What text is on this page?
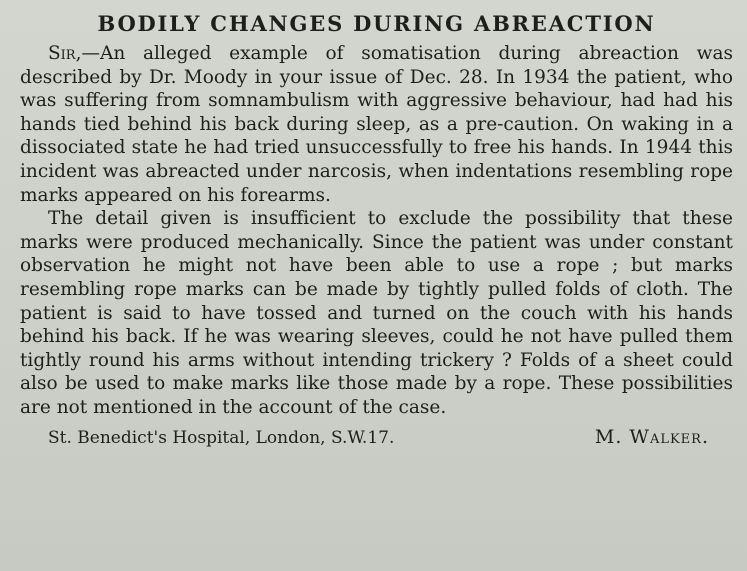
BODILY CHANGES DURING ABREACTION

Sir,—An alleged example of somatisation during abreaction was described by Dr. Moody in your issue of Dec. 28. In 1934 the patient, who was suffering from somnambulism with aggressive behaviour, had had his hands tied behind his back during sleep, as a pre-caution. On waking in a dissociated state he had tried unsuccessfully to free his hands. In 1944 this incident was abreacted under narcosis, when indentations resembling rope marks appeared on his forearms.

The detail given is insufficient to exclude the possibility that these marks were produced mechanically. Since the patient was under constant observation he might not have been able to use a rope ; but marks resembling rope marks can be made by tightly pulled folds of cloth. The patient is said to have tossed and turned on the couch with his hands behind his back. If he was wearing sleeves, could he not have pulled them tightly round his arms without intending trickery ? Folds of a sheet could also be used to make marks like those made by a rope. These possibilities are not mentioned in the account of the case.

St. Benedict's Hospital, London, S.W.17.	M. Walker.
